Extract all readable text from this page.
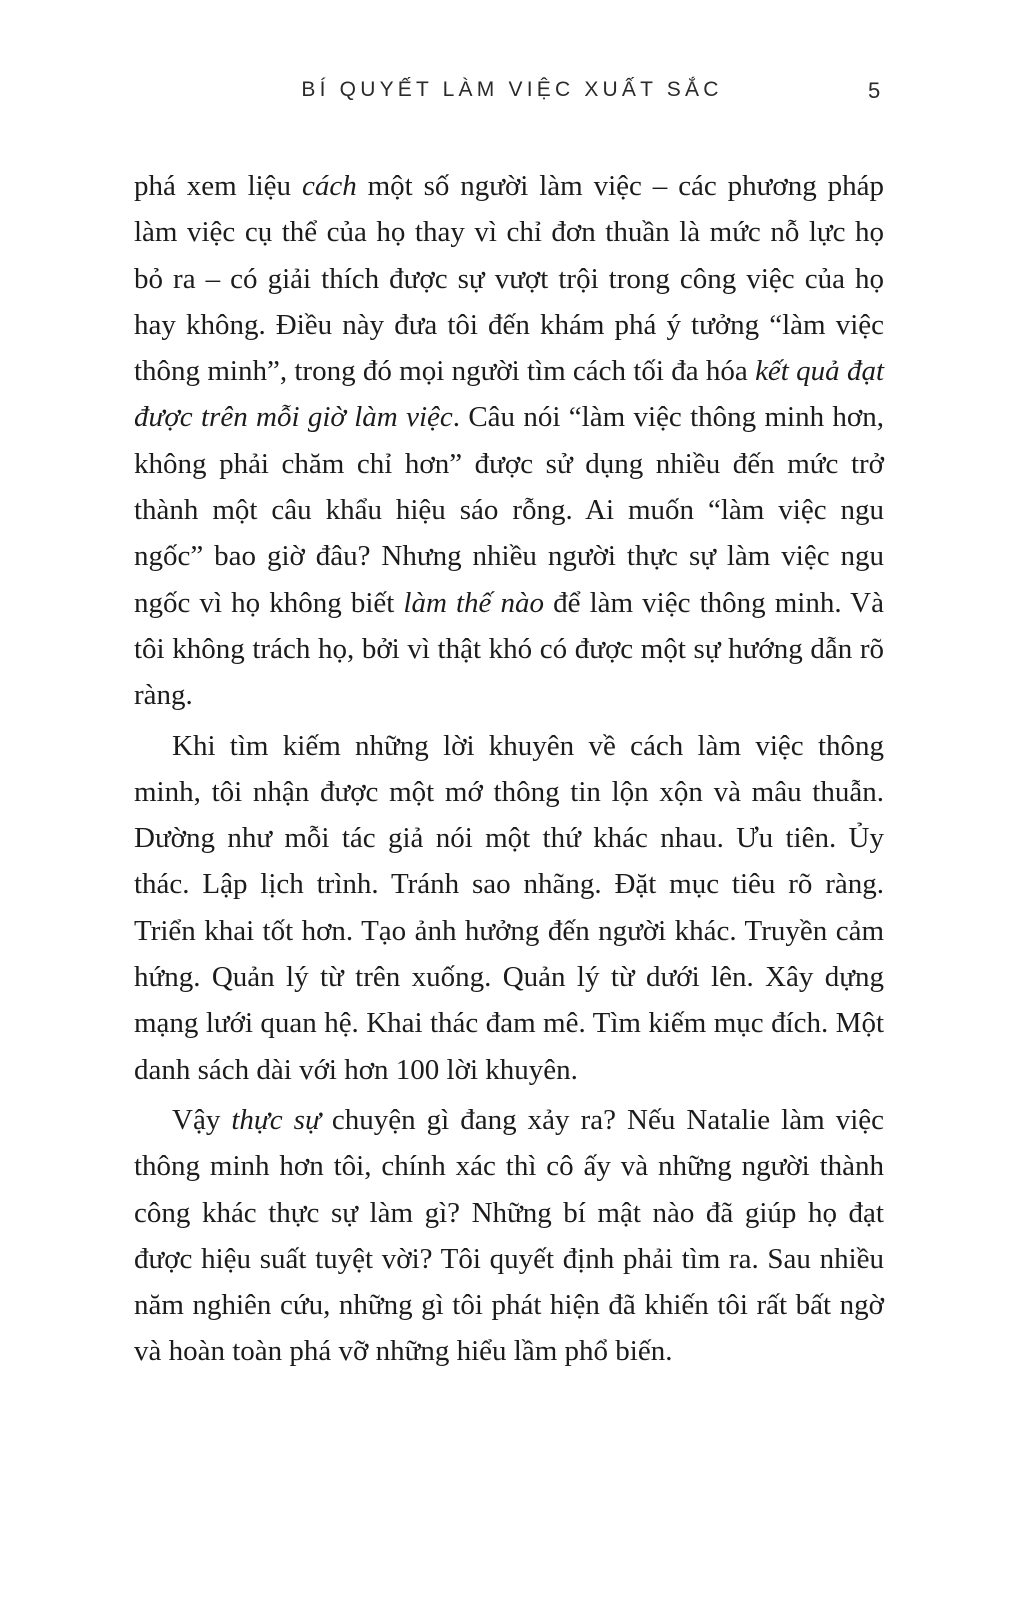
BÍ QUYẾT LÀM VIỆC XUẤT SẮC	5

phá xem liệu cách một số người làm việc – các phương pháp làm việc cụ thể của họ thay vì chỉ đơn thuần là mức nỗ lực họ bỏ ra – có giải thích được sự vượt trội trong công việc của họ hay không. Điều này đưa tôi đến khám phá ý tưởng “làm việc thông minh”, trong đó mọi người tìm cách tối đa hóa kết quả đạt được trên mỗi giờ làm việc. Câu nói “làm việc thông minh hơn, không phải chăm chỉ hơn” được sử dụng nhiều đến mức trở thành một câu khẩu hiệu sáo rỗng. Ai muốn “làm việc ngu ngốc” bao giờ đâu? Nhưng nhiều người thực sự làm việc ngu ngốc vì họ không biết làm thế nào để làm việc thông minh. Và tôi không trách họ, bởi vì thật khó có được một sự hướng dẫn rõ ràng.

Khi tìm kiếm những lời khuyên về cách làm việc thông minh, tôi nhận được một mớ thông tin lộn xộn và mâu thuẫn. Dường như mỗi tác giả nói một thứ khác nhau. Ưu tiên. Ủy thác. Lập lịch trình. Tránh sao nhãng. Đặt mục tiêu rõ ràng. Triển khai tốt hơn. Tạo ảnh hưởng đến người khác. Truyền cảm hứng. Quản lý từ trên xuống. Quản lý từ dưới lên. Xây dựng mạng lưới quan hệ. Khai thác đam mê. Tìm kiếm mục đích. Một danh sách dài với hơn 100 lời khuyên.

Vậy thực sự chuyện gì đang xảy ra? Nếu Natalie làm việc thông minh hơn tôi, chính xác thì cô ấy và những người thành công khác thực sự làm gì? Những bí mật nào đã giúp họ đạt được hiệu suất tuyệt vời? Tôi quyết định phải tìm ra. Sau nhiều năm nghiên cứu, những gì tôi phát hiện đã khiến tôi rất bất ngờ và hoàn toàn phá vỡ những hiểu lầm phổ biến.
